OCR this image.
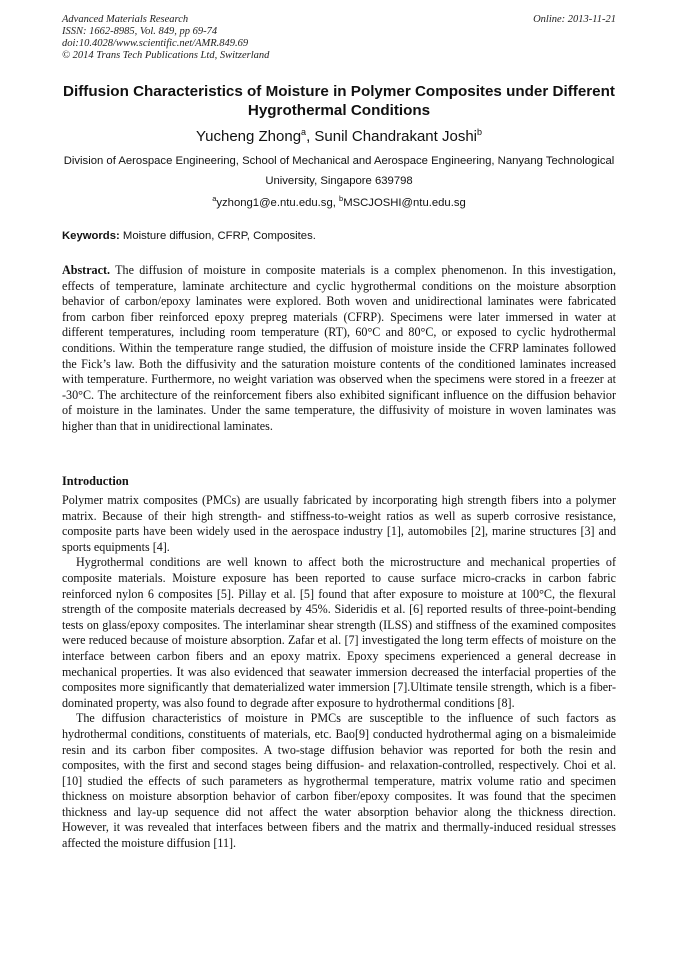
Advanced Materials Research
ISSN: 1662-8985, Vol. 849, pp 69-74
doi:10.4028/www.scientific.net/AMR.849.69
© 2014 Trans Tech Publications Ltd, Switzerland
Online: 2013-11-21
Diffusion Characteristics of Moisture in Polymer Composites under Different Hygrothermal Conditions
Yucheng Zhong$^a$, Sunil Chandrakant Joshi$^b$
Division of Aerospace Engineering, School of Mechanical and Aerospace Engineering, Nanyang Technological University, Singapore 639798
$^a$yzhong1@e.ntu.edu.sg, $^b$MSCJOSHI@ntu.edu.sg
Keywords: Moisture diffusion, CFRP, Composites.
Abstract. The diffusion of moisture in composite materials is a complex phenomenon. In this investigation, effects of temperature, laminate architecture and cyclic hygrothermal conditions on the moisture absorption behavior of carbon/epoxy laminates were explored. Both woven and unidirectional laminates were fabricated from carbon fiber reinforced epoxy prepreg materials (CFRP). Specimens were later immersed in water at different temperatures, including room temperature (RT), 60°C and 80°C, or exposed to cyclic hydrothermal conditions. Within the temperature range studied, the diffusion of moisture inside the CFRP laminates followed the Fick’s law. Both the diffusivity and the saturation moisture contents of the conditioned laminates increased with temperature. Furthermore, no weight variation was observed when the specimens were stored in a freezer at -30°C. The architecture of the reinforcement fibers also exhibited significant influence on the diffusion behavior of moisture in the laminates. Under the same temperature, the diffusivity of moisture in woven laminates was higher than that in unidirectional laminates.
Introduction

Polymer matrix composites (PMCs) are usually fabricated by incorporating high strength fibers into a polymer matrix. Because of their high strength- and stiffness-to-weight ratios as well as superb corrosive resistance, composite parts have been widely used in the aerospace industry [1], automobiles [2], marine structures [3] and sports equipments [4].

Hygrothermal conditions are well known to affect both the microstructure and mechanical properties of composite materials. Moisture exposure has been reported to cause surface micro-cracks in carbon fabric reinforced nylon 6 composites [5]. Pillay et al. [5] found that after exposure to moisture at 100°C, the flexural strength of the composite materials decreased by 45%. Sideridis et al. [6] reported results of three-point-bending tests on glass/epoxy composites. The interlaminar shear strength (ILSS) and stiffness of the examined composites were reduced because of moisture absorption. Zafar et al. [7] investigated the long term effects of moisture on the interface between carbon fibers and an epoxy matrix. Epoxy specimens experienced a general decrease in mechanical properties. It was also evidenced that seawater immersion decreased the interfacial properties of the composites more significantly that dematerialized water immersion [7].Ultimate tensile strength, which is a fiber-dominated property, was also found to degrade after exposure to hydrothermal conditions [8].

The diffusion characteristics of moisture in PMCs are susceptible to the influence of such factors as hydrothermal conditions, constituents of materials, etc. Bao[9] conducted hydrothermal aging on a bismaleimide resin and its carbon fiber composites. A two-stage diffusion behavior was reported for both the resin and composites, with the first and second stages being diffusion- and relaxation-controlled, respectively. Choi et al. [10] studied the effects of such parameters as hygrothermal temperature, matrix volume ratio and specimen thickness on moisture absorption behavior of carbon fiber/epoxy composites. It was found that the specimen thickness and lay-up sequence did not affect the water absorption behavior along the thickness direction. However, it was revealed that interfaces between fibers and the matrix and thermally-induced residual stresses affected the moisture diffusion [11].
